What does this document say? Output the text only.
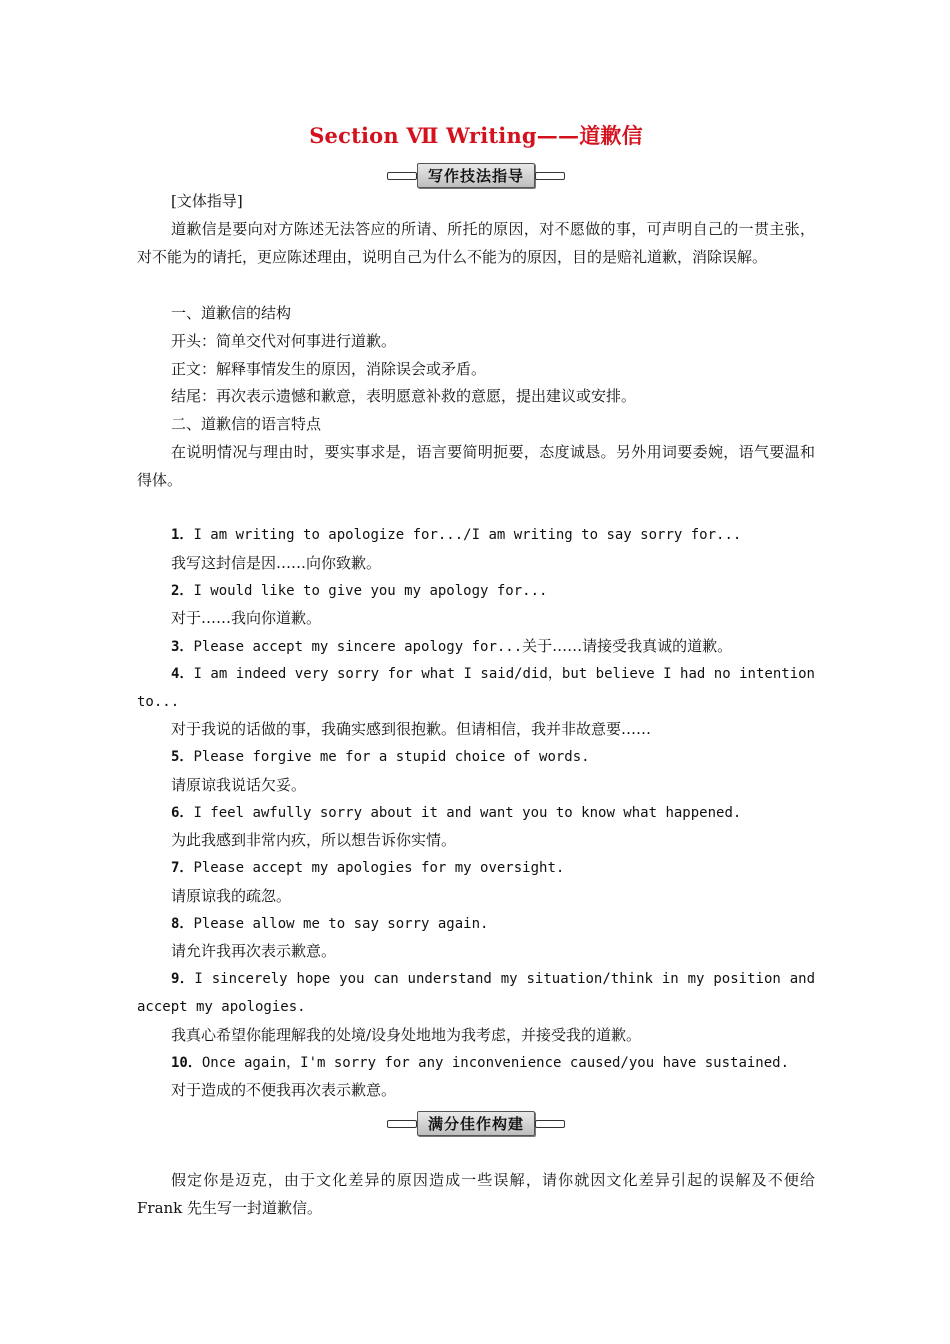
Section Ⅶ Writing——道歉信
写作技法指导

[文体指导]

道歉信是要向对方陈述无法答应的所请、所托的原因，对不愿做的事，可声明自己的一贯主张，对不能为的请托，更应陈述理由，说明自己为什么不能为的原因，目的是赔礼道歉，消除误解。

一、道歉信的结构

开头：简单交代对何事进行道歉。

正文：解释事情发生的原因，消除误会或矛盾。

结尾：再次表示遗憾和歉意，表明愿意补救的意愿，提出建议或安排。

二、道歉信的语言特点

在说明情况与理由时，要实事求是，语言要简明扼要，态度诚恳。另外用词要委婉，语气要温和得体。

1．I am writing to apologize for.../I am writing to say sorry for...

我写这封信是因……向你致歉。

2．I would like to give you my apology for...

对于……我向你道歉。

3．Please accept my sincere apology for...关于……请接受我真诚的道歉。

4．I am indeed very sorry for what I said/did，but believe I had no intention to...

对于我说的话做的事，我确实感到很抱歉。但请相信，我并非故意要……

5．Please forgive me for a stupid choice of words.

请原谅我说话欠妥。

6．I feel awfully sorry about it and want you to know what happened.

为此我感到非常内疚，所以想告诉你实情。

7．Please accept my apologies for my oversight.

请原谅我的疏忽。

8．Please allow me to say sorry again.

请允许我再次表示歉意。

9．I sincerely hope you can understand my situation/think in my position and accept my apologies.

我真心希望你能理解我的处境/设身处地地为我考虑，并接受我的道歉。

10．Once again，I'm sorry for any inconvenience caused/you have sustained.

对于造成的不便我再次表示歉意。

满分佳作构建

假定你是迈克，由于文化差异的原因造成一些误解，请你就因文化差异引起的误解及不便给Frank 先生写一封道歉信。
